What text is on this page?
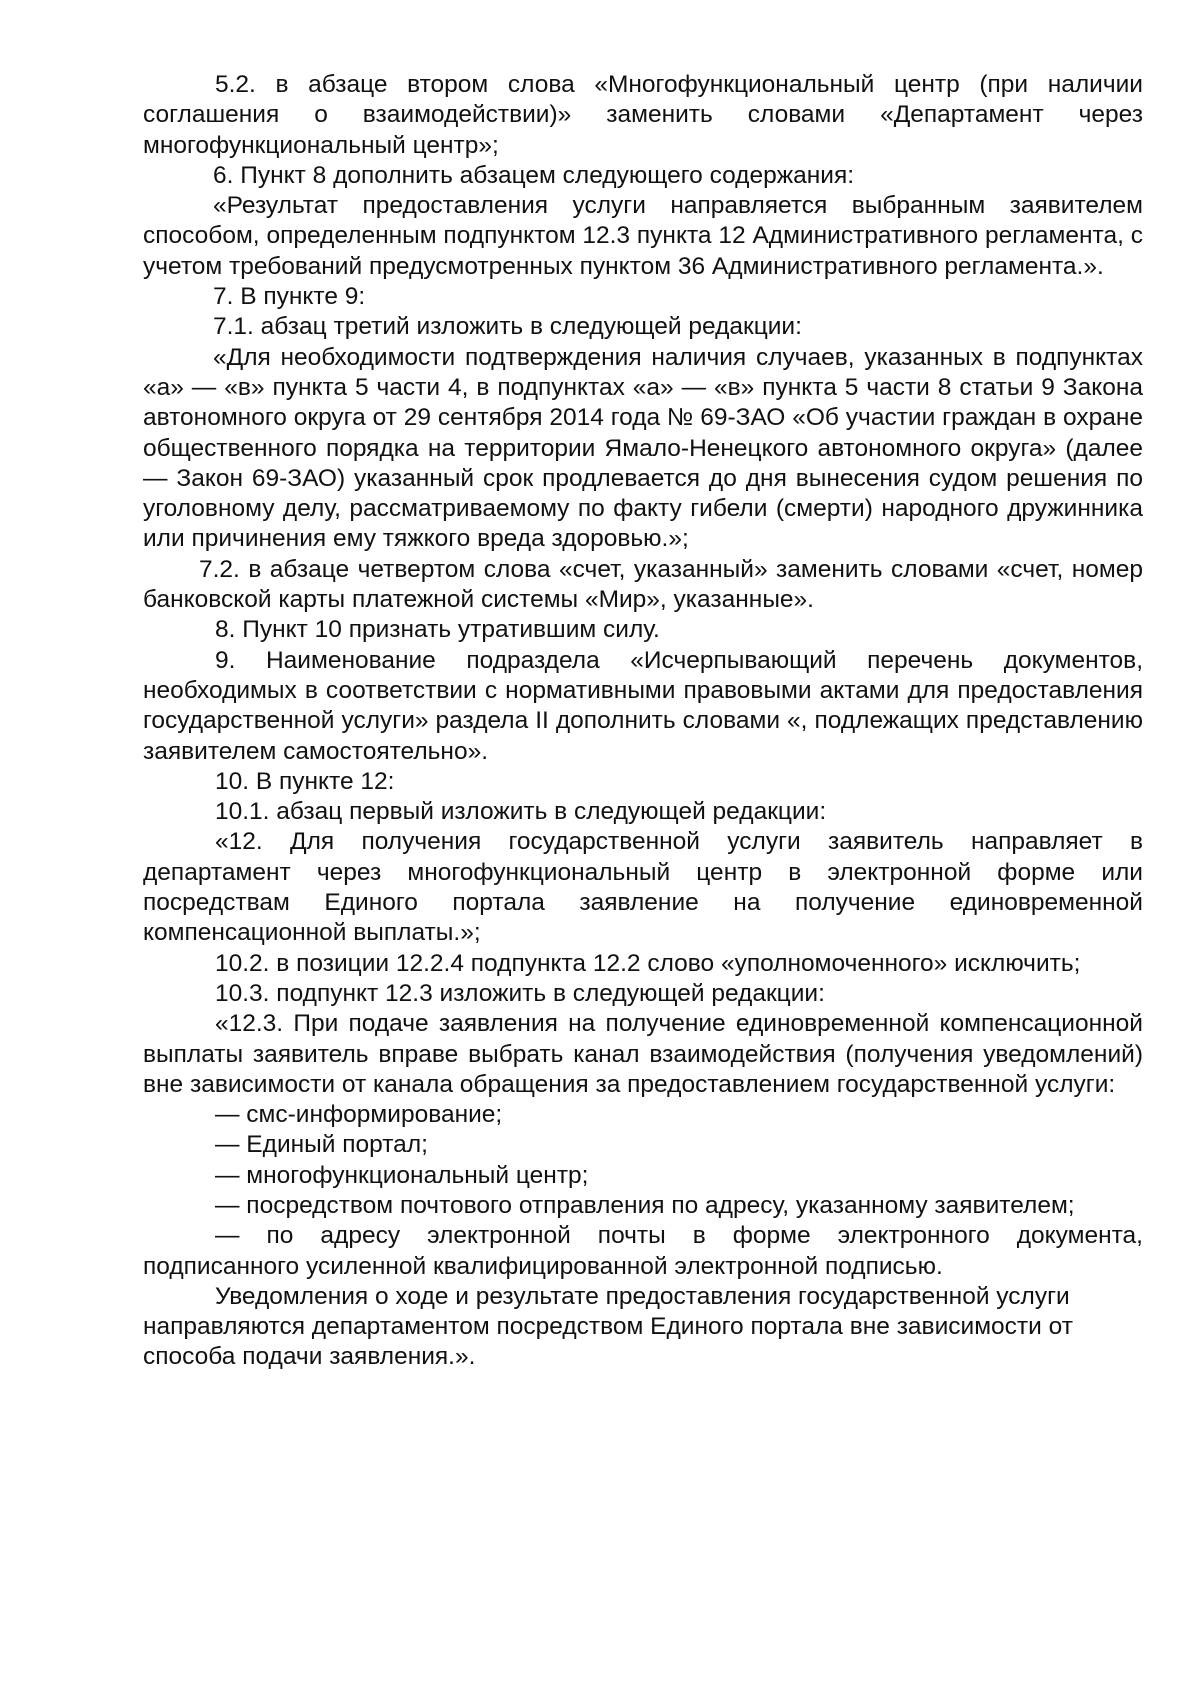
5.2. в абзаце втором слова «Многофункциональный центр (при наличии соглашения о взаимодействии)» заменить словами «Департамент через многофункциональный центр»;

6. Пункт 8 дополнить абзацем следующего содержания:

«Результат предоставления услуги направляется выбранным заявителем способом, определенным подпунктом 12.3 пункта 12 Административного регламента, с учетом требований предусмотренных пунктом 36 Административного регламента.».

7. В пункте 9:

7.1. абзац третий изложить в следующей редакции:

«Для необходимости подтверждения наличия случаев, указанных в подпунктах «а» — «в» пункта 5 части 4, в подпунктах «а» — «в» пункта 5 части 8 статьи 9 Закона автономного округа от 29 сентября 2014 года № 69-ЗАО «Об участии граждан в охране общественного порядка на территории Ямало-Ненецкого автономного округа» (далее — Закон 69-ЗАО) указанный срок продлевается до дня вынесения судом решения по уголовному делу, рассматриваемому по факту гибели (смерти) народного дружинника или причинения ему тяжкого вреда здоровью.»;

7.2. в абзаце четвертом слова «счет, указанный» заменить словами «счет, номер банковской карты платежной системы «Мир», указанные».

8. Пункт 10 признать утратившим силу.

9. Наименование подраздела «Исчерпывающий перечень документов, необходимых в соответствии с нормативными правовыми актами для предоставления государственной услуги» раздела II дополнить словами «, подлежащих представлению заявителем самостоятельно».

10. В пункте 12:

10.1. абзац первый изложить в следующей редакции:

«12. Для получения государственной услуги заявитель направляет в департамент через многофункциональный центр в электронной форме или посредствам Единого портала заявление на получение единовременной компенсационной выплаты.»;

10.2. в позиции 12.2.4 подпункта 12.2 слово «уполномоченного» исключить;

10.3. подпункт 12.3 изложить в следующей редакции:

«12.3. При подаче заявления на получение единовременной компенсационной выплаты заявитель вправе выбрать канал взаимодействия (получения уведомлений) вне зависимости от канала обращения за предоставлением государственной услуги:

— смс-информирование;

— Единый портал;

— многофункциональный центр;

— посредством почтового отправления по адресу, указанному заявителем;

— по адресу электронной почты в форме электронного документа, подписанного усиленной квалифицированной электронной подписью.

Уведомления о ходе и результате предоставления государственной услуги направляются департаментом посредством Единого портала вне зависимости от способа подачи заявления.».
